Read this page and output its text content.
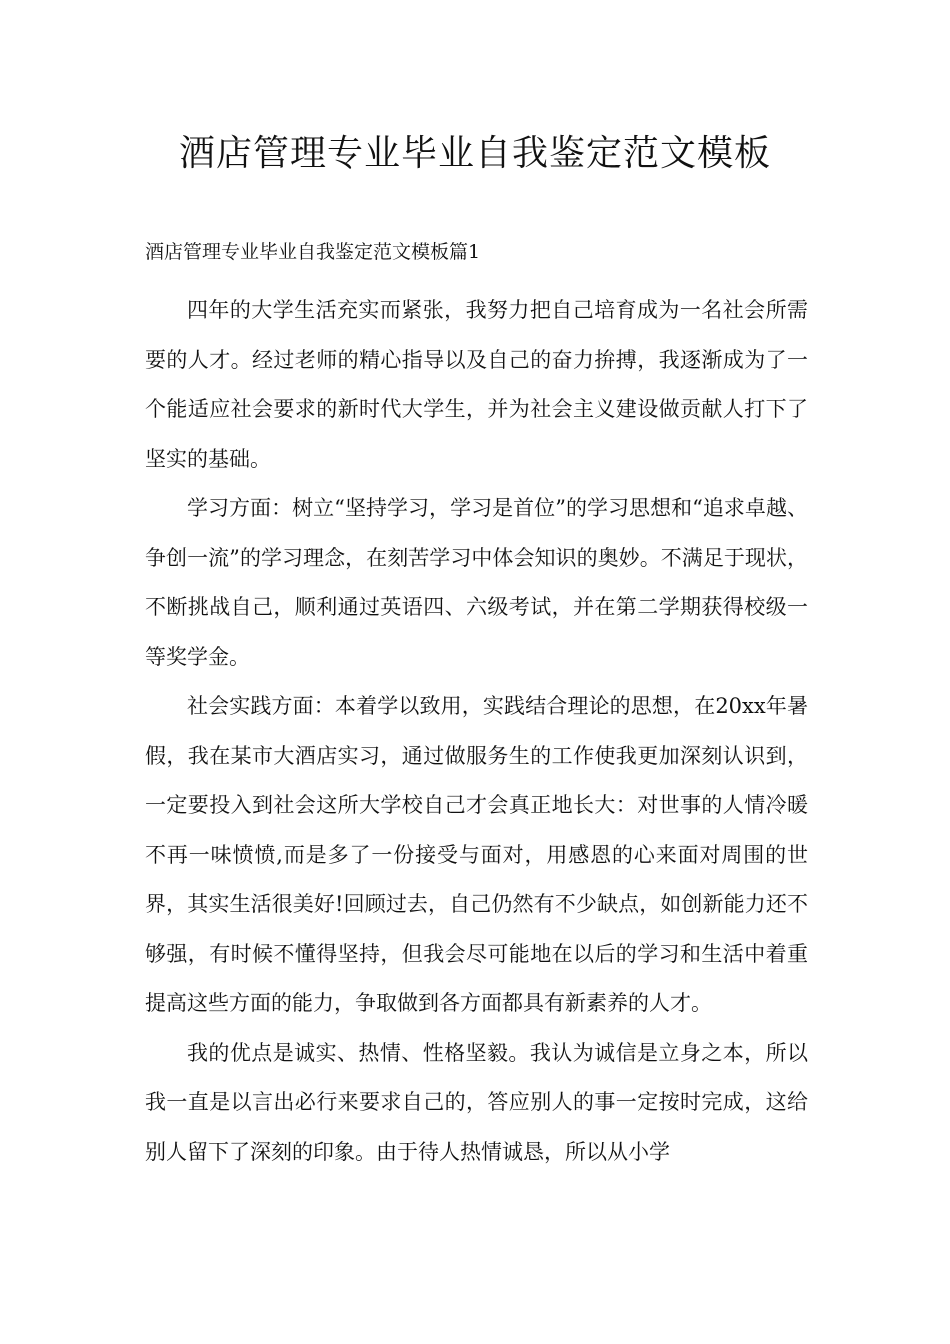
酒店管理专业毕业自我鉴定范文模板
酒店管理专业毕业自我鉴定范文模板篇1

四年的大学生活充实而紧张，我努力把自己培育成为一名社会所需要的人才。经过老师的精心指导以及自己的奋力拚搏，我逐渐成为了一个能适应社会要求的新时代大学生，并为社会主义建设做贡献人打下了坚实的基础。

学习方面：树立“坚持学习，学习是首位”的学习思想和“追求卓越、争创一流”的学习理念，在刻苦学习中体会知识的奥妙。不满足于现状，不断挑战自己，顺利通过英语四、六级考试，并在第二学期获得校级一等奖学金。

社会实践方面：本着学以致用，实践结合理论的思想，在20xx年暑假，我在某市大酒店实习，通过做服务生的工作使我更加深刻认识到，一定要投入到社会这所大学校自己才会真正地长大：对世事的人情冷暖不再一味愤愤,而是多了一份接受与面对，用感恩的心来面对周围的世界，其实生活很美好!回顾过去，自己仍然有不少缺点，如创新能力还不够强，有时候不懂得坚持，但我会尽可能地在以后的学习和生活中着重提高这些方面的能力，争取做到各方面都具有新素养的人才。

我的优点是诚实、热情、性格坚毅。我认为诚信是立身之本，所以我一直是以言出必行来要求自己的，答应别人的事一定按时完成，这给别人留下了深刻的印象。由于待人热情诚恳，所以从小学
